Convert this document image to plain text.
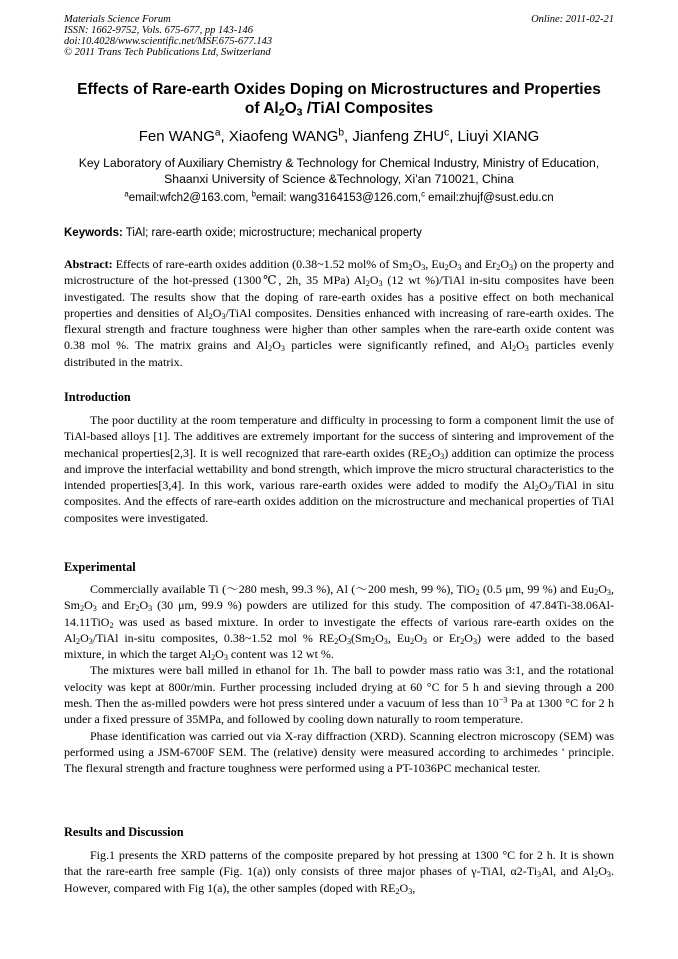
Materials Science Forum
ISSN: 1662-9752, Vols. 675-677, pp 143-146
doi:10.4028/www.scientific.net/MSF.675-677.143
© 2011 Trans Tech Publications Ltd, Switzerland
Online: 2011-02-21
Effects of Rare-earth Oxides Doping on Microstructures and Properties
of $Al_2O_3$ /TiAl Composites
Fen WANG$^a$, Xiaofeng WANG$^b$, Jianfeng ZHU$^c$, Liuyi XIANG
Key Laboratory of Auxiliary Chemistry & Technology for Chemical Industry, Ministry of Education,
Shaanxi University of Science &Technology, Xi'an 710021, China
$^a$email:wfch2@163.com, $^b$email: wang3164153@126.com,$^c$ email:zhujf@sust.edu.cn
Keywords: TiAl; rare-earth oxide; microstructure; mechanical property

Abstract: Effects of rare-earth oxides addition (0.38~1.52 mol% of $Sm_2O_3$, $Eu_2O_3$ and $Er_2O_3$) on the property and microstructure of the hot-pressed (1300℃, 2h, 35 MPa) $Al_2O_3$ (12 wt %)/TiAl in-situ composites have been investigated. The results show that the doping of rare-earth oxides has a positive effect on both mechanical properties and densities of $Al_2O_3$/TiAl composites. Densities enhanced with increasing of rare-earth oxides. The flexural strength and fracture toughness were higher than other samples when the rare-earth oxide content was 0.38 mol %. The matrix grains and $Al_2O_3$ particles were significantly refined, and $Al_2O_3$ particles evenly distributed in the matrix.

Introduction

The poor ductility at the room temperature and difficulty in processing to form a component limit the use of TiAl-based alloys [1]. The additives are extremely important for the success of sintering and improvement of the mechanical properties[2,3]. It is well recognized that rare-earth oxides $(RE_2O_3)$ addition can optimize the process and improve the interfacial wettability and bond strength, which improve the micro structural characteristics to the intended properties[3,4]. In this work, various rare-earth oxides were added to modify the $Al_2O_3$/TiAl in situ composites. And the effects of rare-earth oxides addition on the microstructure and mechanical properties of TiAl composites were investigated.

Experimental

Commercially available Ti (～280 mesh, 99.3 %), Al (～200 mesh, 99 %), TiO$_2$ (0.5 μm, 99 %) and $Eu_2O_3$, $Sm_2O_3$ and $Er_2O_3$ (30 μm, 99.9 %) powders are utilized for this study. The composition of 47.84Ti-38.06Al-14.11TiO$_2$ was used as based mixture. In order to investigate the effects of various rare-earth oxides on the $Al_2O_3$/TiAl in-situ composites, 0.38~1.52 mol % $RE_2O_3(Sm_2O_3$, $Eu_2O_3$ or $Er_2O_3$) were added to the based mixture, in which the target $Al_2O_3$ content was 12 wt %.

The mixtures were ball milled in ethanol for 1h. The ball to powder mass ratio was 3:1, and the rotational velocity was kept at 800r/min. Further processing included drying at 60 °C for 5 h and sieving through a 200 mesh. Then the as-milled powders were hot press sintered under a vacuum of less than $10^{-3}$ Pa at 1300 °C for 2 h under a fixed pressure of 35MPa, and followed by cooling down naturally to room temperature.

Phase identification was carried out via X-ray diffraction (XRD). Scanning electron microscopy (SEM) was performed using a JSM-6700F SEM. The (relative) density were measured according to archimedes ' principle. The flexural strength and fracture toughness were performed using a PT-1036PC mechanical tester.

Results and Discussion

Fig.1 presents the XRD patterns of the composite prepared by hot pressing at 1300 °C for 2 h. It is shown that the rare-earth free sample (Fig. 1(a)) only consists of three major phases of γ-TiAl, $\alpha 2-Ti_3Al$, and $Al_2O_3$. However, compared with Fig 1(a), the other samples (doped with $RE_2O_3$,
